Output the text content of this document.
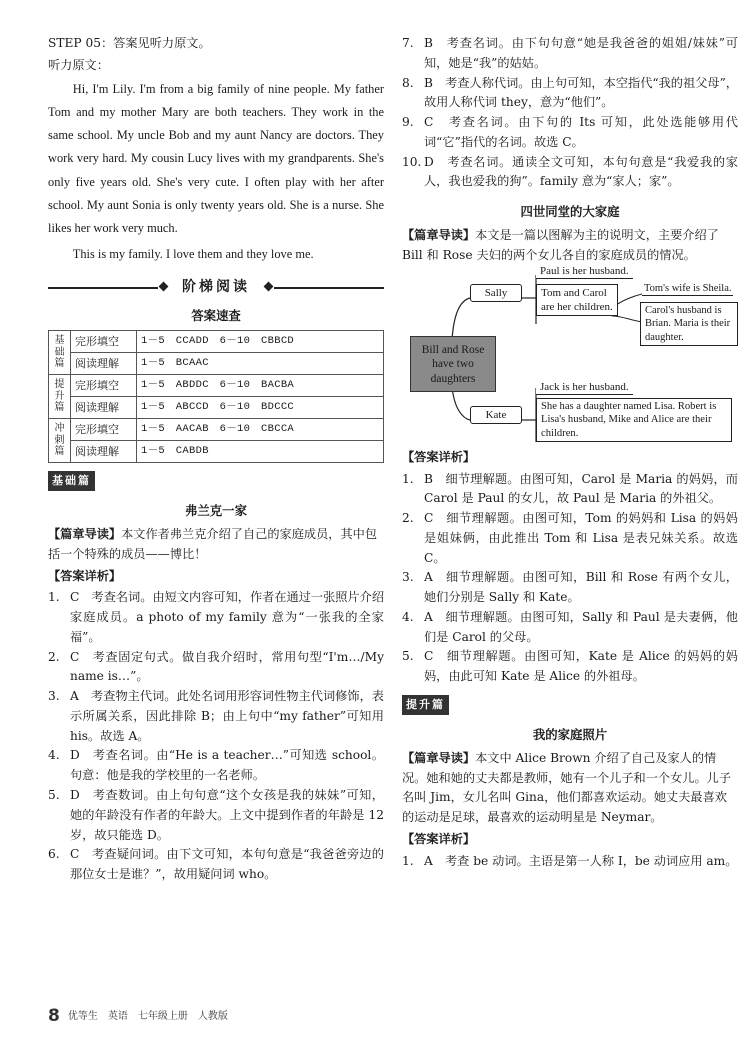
STEP 05：答案见听力原文。

听力原文：

Hi, I'm Lily. I'm from a big family of nine people. My father Tom and my mother Mary are both teachers. They work in the same school. My uncle Bob and my aunt Nancy are doctors. They work very hard. My cousin Lucy lives with my grandparents. She's only five years old. She's very cute. I often play with her after school. My aunt Sonia is only twenty years old. She is a nurse. She likes her work very much.

This is my family. I love them and they love me.

阶梯阅读
答案速查
基
础
篇	完形填空	1－5　CCADD　6－10　CBBCD
	阅读理解	1－5　BCAAC
提
升
篇	完形填空	1－5　ABDDC　6－10　BACBA
	阅读理解	1－5　ABCCD　6－10　BDCCC
冲
刺
篇	完形填空	1－5　AACAB　6－10　CBCCA
	阅读理解	1－5　CABDB
基础篇
弗兰克一家

【篇章导读】本文作者弗兰克介绍了自己的家庭成员，其中包括一个特殊的成员——博比！

【答案详析】

1. C　考查名词。由短文内容可知，作者在通过一张照片介绍家庭成员。a photo of my family 意为“一张我的全家福”。
2. C　考查固定句式。做自我介绍时，常用句型“I'm…/My name is…”。
3. A　考查物主代词。此处名词用形容词性物主代词修饰，表示所属关系，因此排除 B；由上句中“my father”可知用 his。故选 A。
4. D　考查名词。由“He is a teacher…”可知选 school。句意：他是我的学校里的一名老师。
5. D　考查数词。由上句句意“这个女孩是我的妹妹”可知，她的年龄没有作者的年龄大。上文中提到作者的年龄是 12 岁，故只能选 D。
6. C　考查疑问词。由下文可知，本句句意是“我爸爸旁边的那位女士是谁？”，故用疑问词 who。
7. B　考查名词。由下句句意“她是我爸爸的姐姐/妹妹”可知，她是“我”的姑姑。
8. B　考查人称代词。由上句可知，本空指代“我的祖父母”，故用人称代词 they，意为“他们”。
9. C　考查名词。由下句的 Its 可知，此处选能够用代词“它”指代的名词。故选 C。
10. D　考查名词。通读全文可知，本句句意是“我爱我的家人，我也爱我的狗”。family 意为“家人；家”。
四世同堂的大家庭

【篇章导读】本文是一篇以图解为主的说明文，主要介绍了 Bill 和 Rose 夫妇的两个女儿各自的家庭成员的情况。

Paul is her husband.
Tom and Carol are her children.
Tom's wife is Sheila.
Carol's husband is Brian. Maria is their daughter.
Sally
Bill and Rose have two daughters
Kate
Jack is her husband.
She has a daughter named Lisa. Robert is Lisa's husband, Mike and Alice are their children.

【答案详析】

1. B　细节理解题。由图可知，Carol 是 Maria 的妈妈，而 Carol 是 Paul 的女儿，故 Paul 是 Maria 的外祖父。
2. C　细节理解题。由图可知，Tom 的妈妈和 Lisa 的妈妈是姐妹俩，由此推出 Tom 和 Lisa 是表兄妹关系。故选 C。
3. A　细节理解题。由图可知，Bill 和 Rose 有两个女儿，她们分别是 Sally 和 Kate。
4. A　细节理解题。由图可知，Sally 和 Paul 是夫妻俩，他们是 Carol 的父母。
5. C　细节理解题。由图可知，Kate 是 Alice 的妈妈的妈妈，由此可知 Kate 是 Alice 的外祖母。
提升篇
我的家庭照片

【篇章导读】本文中 Alice Brown 介绍了自己及家人的情况。她和她的丈夫都是教师，她有一个儿子和一个女儿。儿子名叫 Jim，女儿名叫 Gina，他们都喜欢运动。她丈夫最喜欢的运动是足球，最喜欢的运动明星是 Neymar。

【答案详析】

1. A　考查 be 动词。主语是第一人称 I，be 动词应用 am。
8 优等生　英语　七年级上册　人教版
